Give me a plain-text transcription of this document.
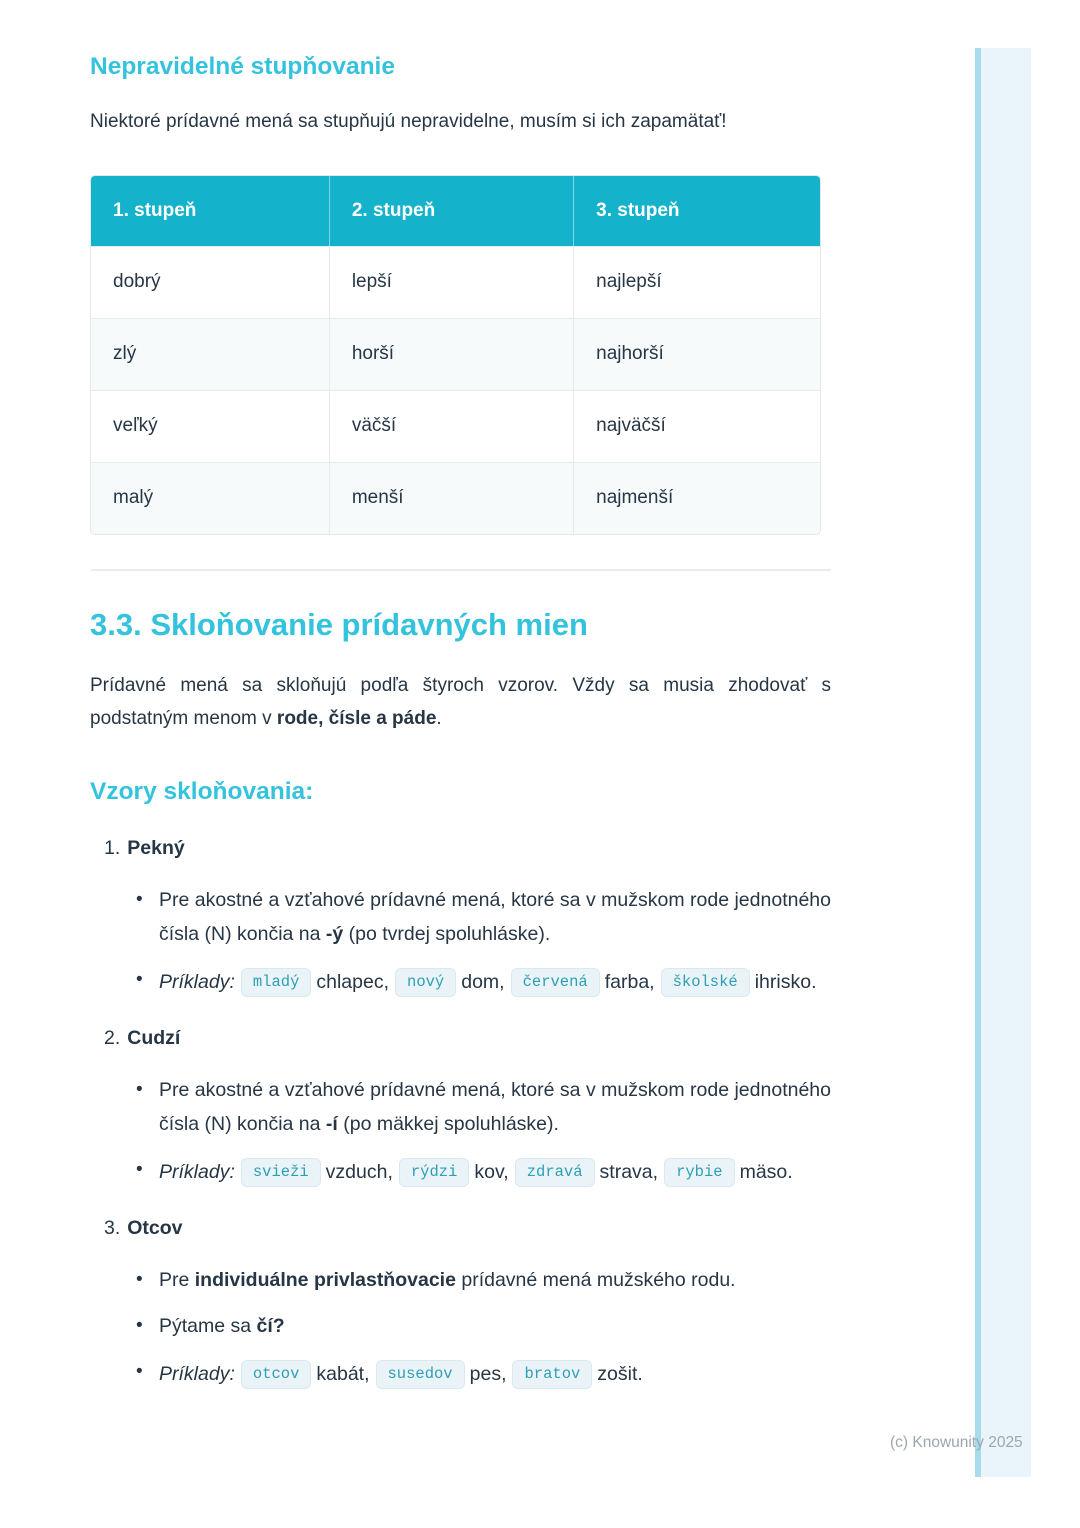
Nepravidelné stupňovanie

Niektoré prídavné mená sa stupňujú nepravidelne, musím si ich zapamätať!

1. stupeň	2. stupeň	3. stupeň
dobrý	lepší	najlepší
zlý	horší	najhorší
veľký	väčší	najväčší
malý	menší	najmenší
3.3. Skloňovanie prídavných mien

Prídavné mená sa skloňujú podľa štyroch vzorov. Vždy sa musia zhodovať s podstatným menom v rode, čísle a páde.

Vzory skloňovania:
1. Pekný
• Pre akostné a vzťahové prídavné mená, ktoré sa v mužskom rode jednotného čísla (N) končia na -ý (po tvrdej spoluhláske).
• Príklady: mladý chlapec, nový dom, červená farba, školské ihrisko.
2. Cudzí
• Pre akostné a vzťahové prídavné mená, ktoré sa v mužskom rode jednotného čísla (N) končia na -í (po mäkkej spoluhláske).
• Príklady: svieži vzduch, rýdzi kov, zdravá strava, rybie mäso.
3. Otcov
• Pre individuálne privlastňovacie prídavné mená mužského rodu.
• Pýtame sa čí?
• Príklady: otcov kabát, susedov pes, bratov zošit.
(c) Knowunity 2025
